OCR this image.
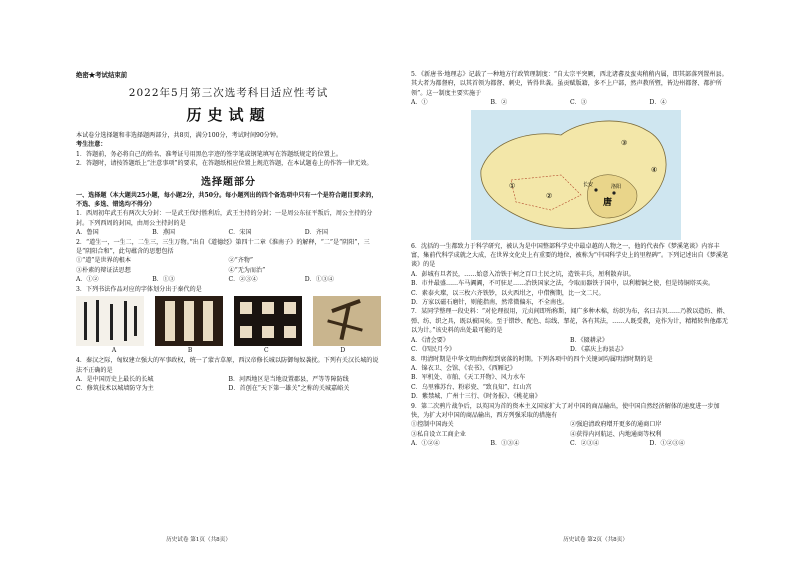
绝密★考试结束前

2022年5月第三次选考科目适应性考试

历史试题

本试卷分选择题和非选择题两部分，共8页，满分100分，考试时间90分钟。

考生注意：

1．答题前，务必将自己的姓名、准考证号用黑色字迹的签字笔或钢笔填写在答题纸规定的位置上。

2．答题时，请按答题纸上“注意事项”的要求，在答题纸相应位置上规范答题，在本试题卷上的作答一律无效。

选择题部分

一、选择题（本大题共25小题，每小题2分，共50分。每小题列出的四个备选项中只有一个是符合题目要求的，不选、多选、错选均不得分）

1．西周初年武王有两次大分封：一是武王伐纣胜利后，武王主持的分封；一是周公东征平叛后，周公主持的分封。下列西周的封国，由周公主持封的是

A．鲁国	B．燕国	C．宋国	D．齐国

2．“道生一，一生二，二生三，三生万物。”出自《道德经》第四十二章《淮南子》的解释，“二”是“阴阳”，三是“阴阳合和”，此句蕴含的思想包括

①“道”是世界的根本	②“齐物”
③朴素的辩证法思想	④“无为而治”
A．①②	B．①③	C．②③④	D．①③④

3．下列书法作品对应的字体划分出于秦代的是

A	B	C	D

4．秦汉之际，匈奴建立强大的军事政权，统一了蒙古草原，西汉帝修长城以防御匈奴袭扰。下列有关汉长城的说法不正确的是

A．是中国历史上最长的长城	B．河西地区是当地设置郡县，严等等障防线
C．修筑技术以城墙防守为主	D．首创在“天下第一雄关”之称的关城嘉峪关
历史试卷 第1页（共8页）

5．《新唐书·地理志》记载了一种地方行政管理制度：“自太宗平突厥，西北诸蕃及蛮夷稍稍内属，即其部落列置州县。其大者为都督府，以其首领为都督、刺史，皆得世袭。虽贡赋版籍，多不上户部，然声教所暨，皆边州都督、都护所领”。这一制度主要实施于

A．①	B．②	C．③	D．④
①
②
③
④
唐
长安	洛阳

6．沈括的一生都致力于科学研究，被认为是中国整部科学史中最卓越的人物之一，他的代表作《梦溪笔谈》内容丰富，集前代科学成就之大成，在世界文化史上有重要的地位，被称为“中国科学史上的里程碑”。下列记述出自《梦溪笔谈》的是

A．彭城有旦者民，……始意入冶铁于柯之百口土民之坑，造铁丰兵，厘利散弃识。

B．市井最盛……车马阗阗，不可驻足……冶铁国家之法，令取而器铁于国中，以利精铜之使，但是铸铜塔买卖。

C．素泰火璨，以三枚六齐铁钞，以火西坩之，中借衡期，比一文二尺。

D．方家以磁石磨针，则能指南，然常微偏东，不全南也。

7．某同学整理一段史料：“对伦理很用，元贞间即殆称斯，闻广多种木棉，纺织为布，名曰吉贝……乃教以造纺、擀、弹、纺、织之具，既以被国矣。至于错纱、配色、综线、挈花，各有其法，……人既受教，竟作为计，精精转售他郡无以为计。”该史料的出处最可能的是

A．《清会要》	B．《辍耕录》
C．《四民月令》	D．《嘉庆上海县志》

8．明清时期是中华文明由辉煌到衰落的时期。下列各项中的四个关键词均属明清时期的是

A．锦衣卫、会馆、《农书》、《西厢记》

B．军机处、市舶、《天工开物》、风力水车

C．乌里雅苏台、粉彩瓷、“致良知”、红山宫

D．紫禁城、广州十三行、《时务报》、《桃花扇》

9．第二次鸦片战争后，以英国为首的资本主义国家扩大了对中国的商品输出，使中国自然经济解体的速度进一步加快，为扩大对中国的商品输出，西方列强采取的措施有

①控制中国海关	②强迫清政府增开更多的通商口岸
③私自设立工商企业	④获得内河航运、内地通商等权利
A．①②④	B．①③④	C．②③④	D．①②③④
历史试卷 第2页（共8页）
